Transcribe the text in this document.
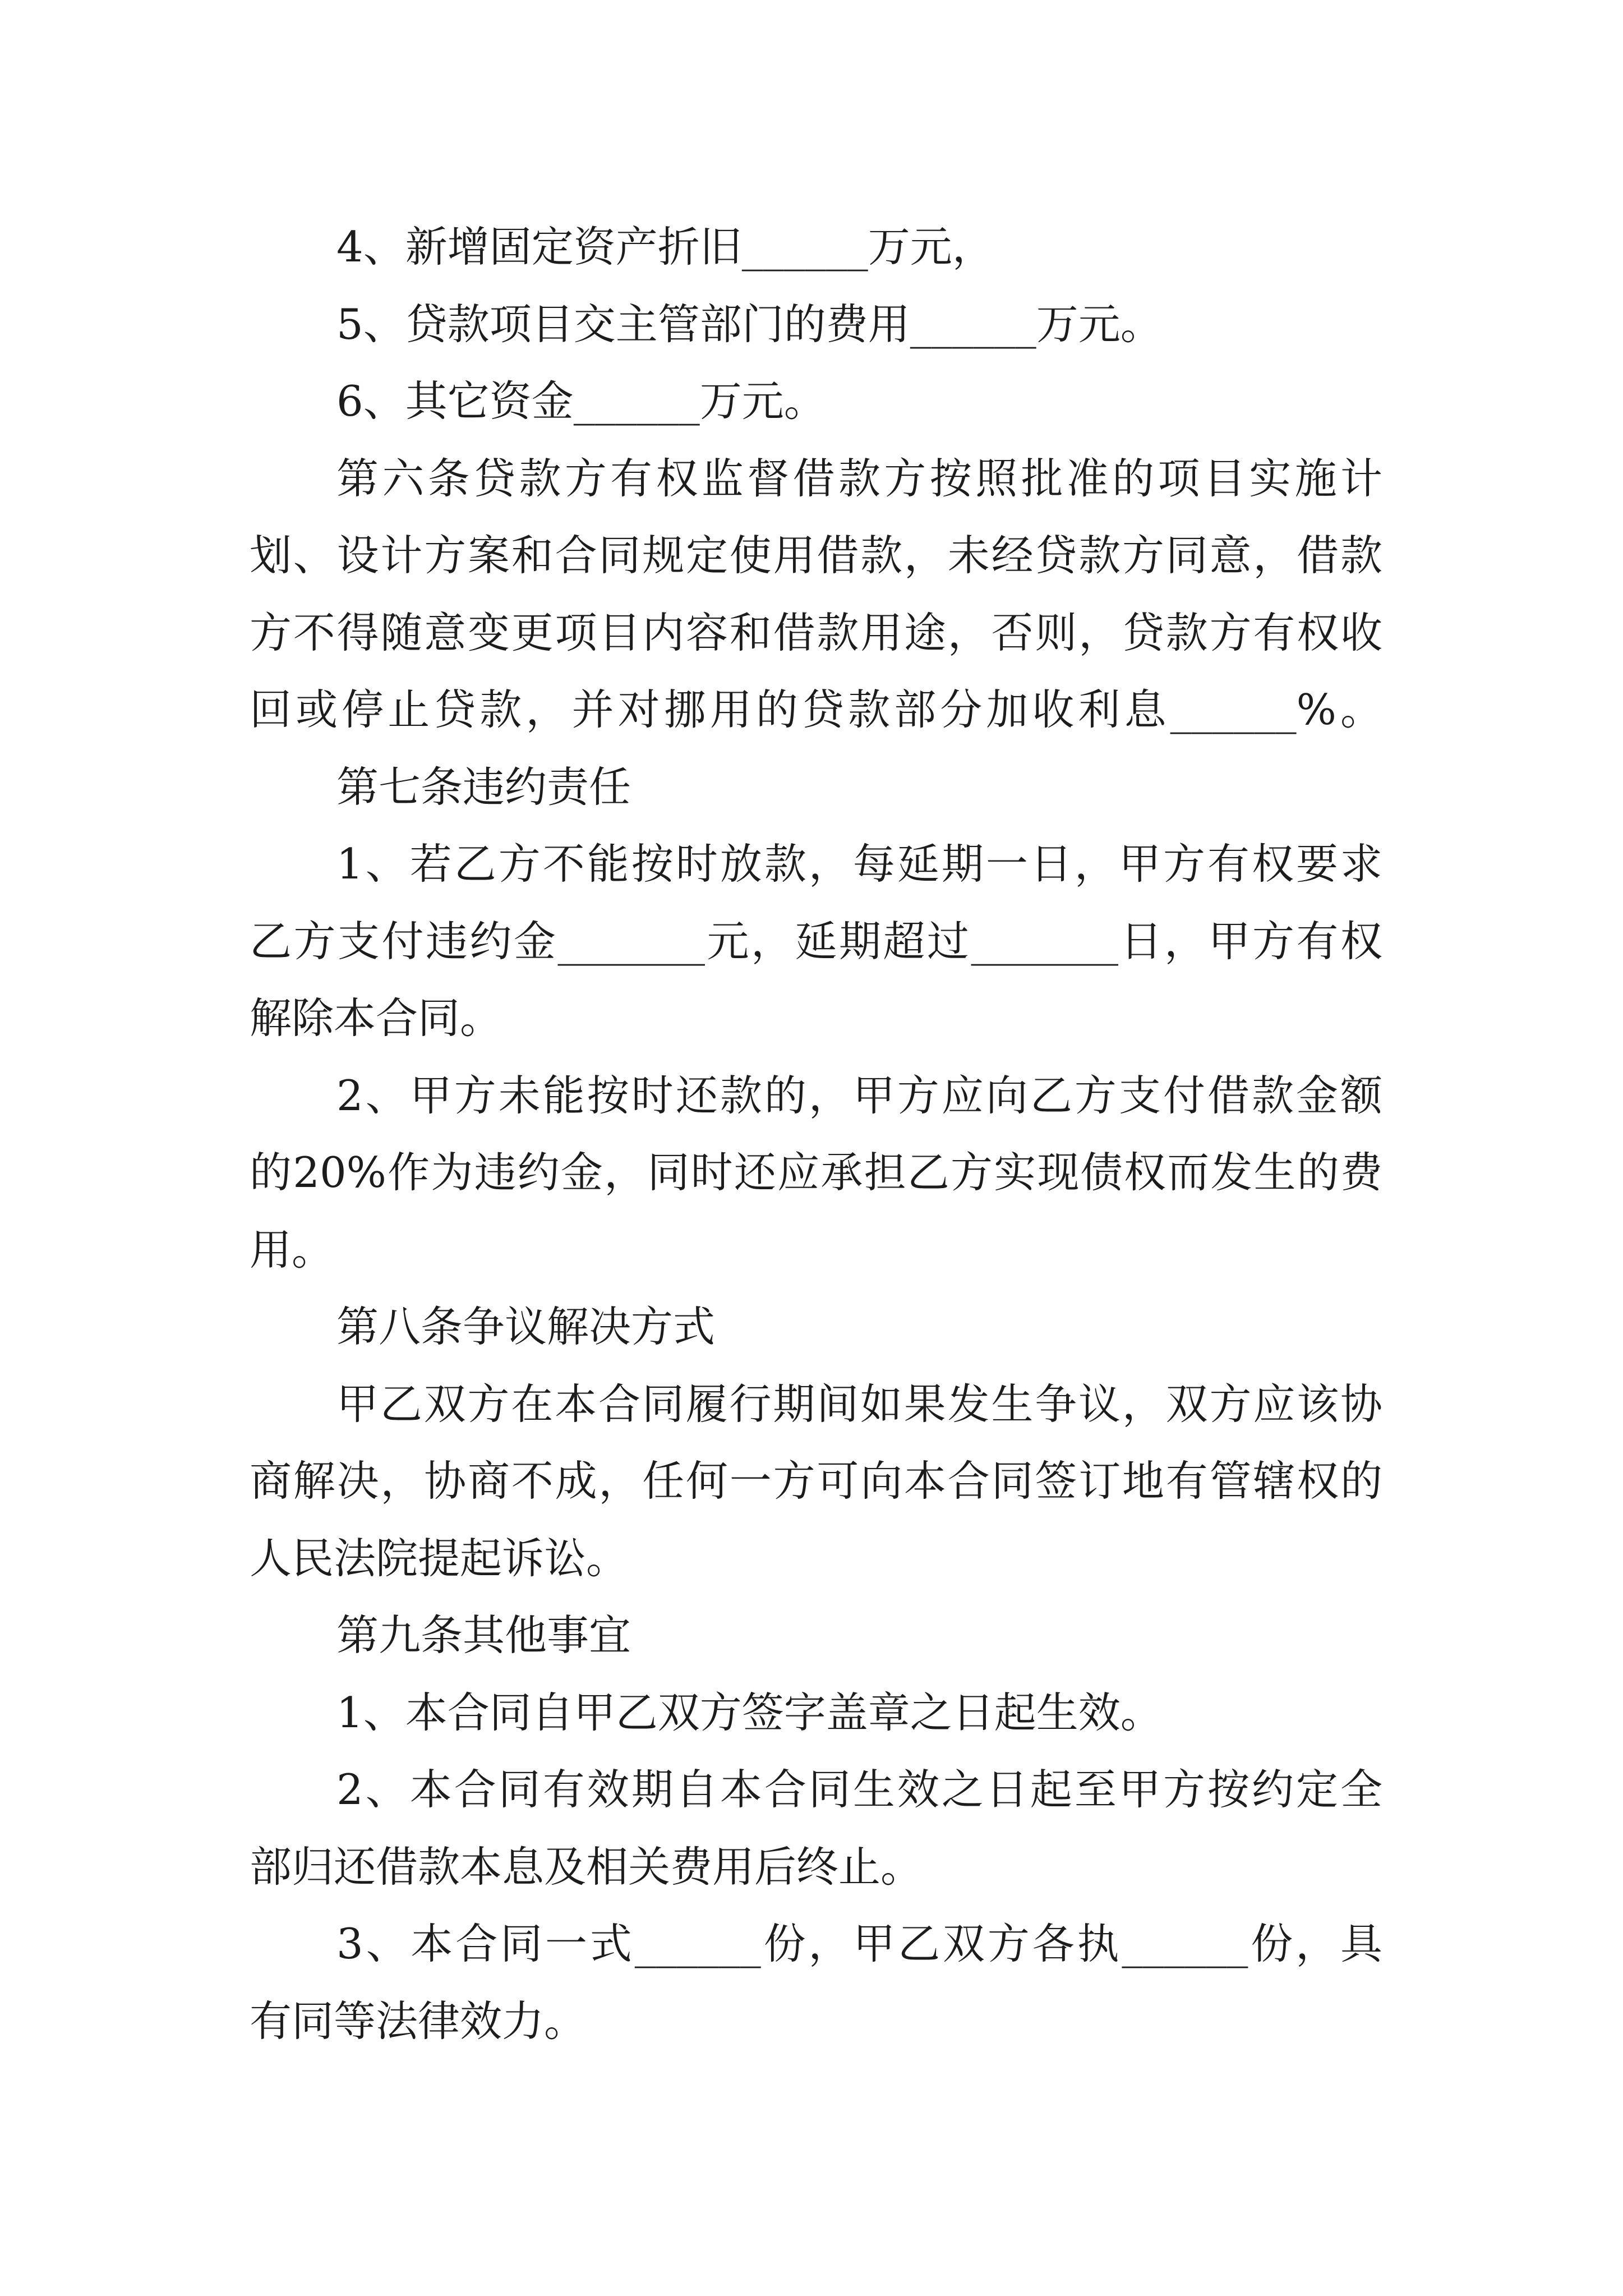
4、新增固定资产折旧______万元，
5、贷款项目交主管部门的费用______万元。
6、其它资金______万元。
第六条贷款方有权监督借款方按照批准的项目实施计
划、设计方案和合同规定使用借款，未经贷款方同意，借款
方不得随意变更项目内容和借款用途，否则，贷款方有权收
回或停止贷款，并对挪用的贷款部分加收利息______%。
第七条违约责任
1、若乙方不能按时放款，每延期一日，甲方有权要求
乙方支付违约金_______元，延期超过_______日，甲方有权
解除本合同。
2、甲方未能按时还款的，甲方应向乙方支付借款金额
的20%作为违约金，同时还应承担乙方实现债权而发生的费
用。
第八条争议解决方式
甲乙双方在本合同履行期间如果发生争议，双方应该协
商解决，协商不成，任何一方可向本合同签订地有管辖权的
人民法院提起诉讼。
第九条其他事宜
1、本合同自甲乙双方签字盖章之日起生效。
2、本合同有效期自本合同生效之日起至甲方按约定全
部归还借款本息及相关费用后终止。
3、本合同一式______份，甲乙双方各执______份，具
有同等法律效力。
